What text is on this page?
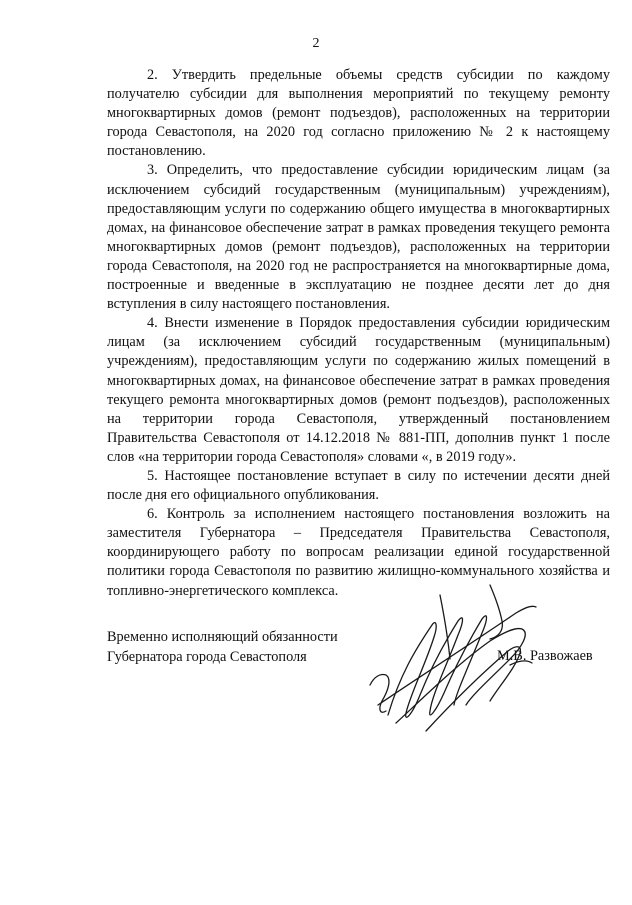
2

2. Утвердить предельные объемы средств субсидии по каждому получателю субсидии для выполнения мероприятий по текущему ремонту многоквартирных домов (ремонт подъездов), расположенных на территории города Севастополя, на 2020 год согласно приложению № 2 к настоящему постановлению.

3. Определить, что предоставление субсидии юридическим лицам (за исключением субсидий государственным (муниципальным) учреждениям), предоставляющим услуги по содержанию общего имущества в многоквартирных домах, на финансовое обеспечение затрат в рамках проведения текущего ремонта многоквартирных домов (ремонт подъездов), расположенных на территории города Севастополя, на 2020 год не распространяется на многоквартирные дома, построенные и введенные в эксплуатацию не позднее десяти лет до дня вступления в силу настоящего постановления.

4. Внести изменение в Порядок предоставления субсидии юридическим лицам (за исключением субсидий государственным (муниципальным) учреждениям), предоставляющим услуги по содержанию жилых помещений в многоквартирных домах, на финансовое обеспечение затрат в рамках проведения текущего ремонта многоквартирных домов (ремонт подъездов), расположенных на территории города Севастополя, утвержденный постановлением Правительства Севастополя от 14.12.2018 № 881-ПП, дополнив пункт 1 после слов «на территории города Севастополя» словами «, в 2019 году».

5. Настоящее постановление вступает в силу по истечении десяти дней после дня его официального опубликования.

6. Контроль за исполнением настоящего постановления возложить на заместителя Губернатора – Председателя Правительства Севастополя, координирующего работу по вопросам реализации единой государственной политики города Севастополя по развитию жилищно-коммунального хозяйства и топливно-энергетического комплекса.

Временно исполняющий обязанности
Губернатора города Севастополя	М.В. Развожаев
